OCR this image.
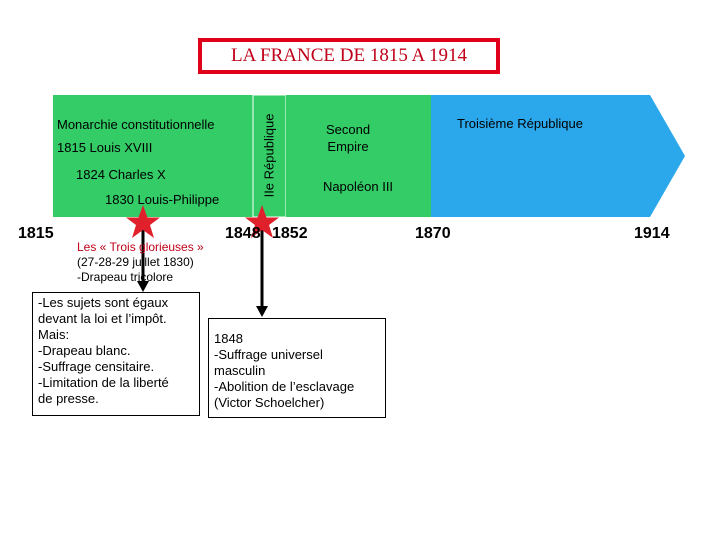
LA FRANCE DE 1815 A 1914
Monarchie constitutionnelle
1815 Louis XVIII
1824 Charles X
1830 Louis-Philippe
IIe République	Second
Empire
Napoléon III
Troisième République
1815	1848 1852	1870	1914
Les « Trois glorieuses »
(27-28-29 juillet 1830)
-Drapeau tricolore
-Les sujets sont égaux
devant la loi et l’impôt.
Mais:
-Drapeau blanc.
-Suffrage censitaire.
-Limitation de la liberté
de presse.
1848
-Suffrage universel
masculin
-Abolition de l’esclavage
(Victor Schoelcher)
